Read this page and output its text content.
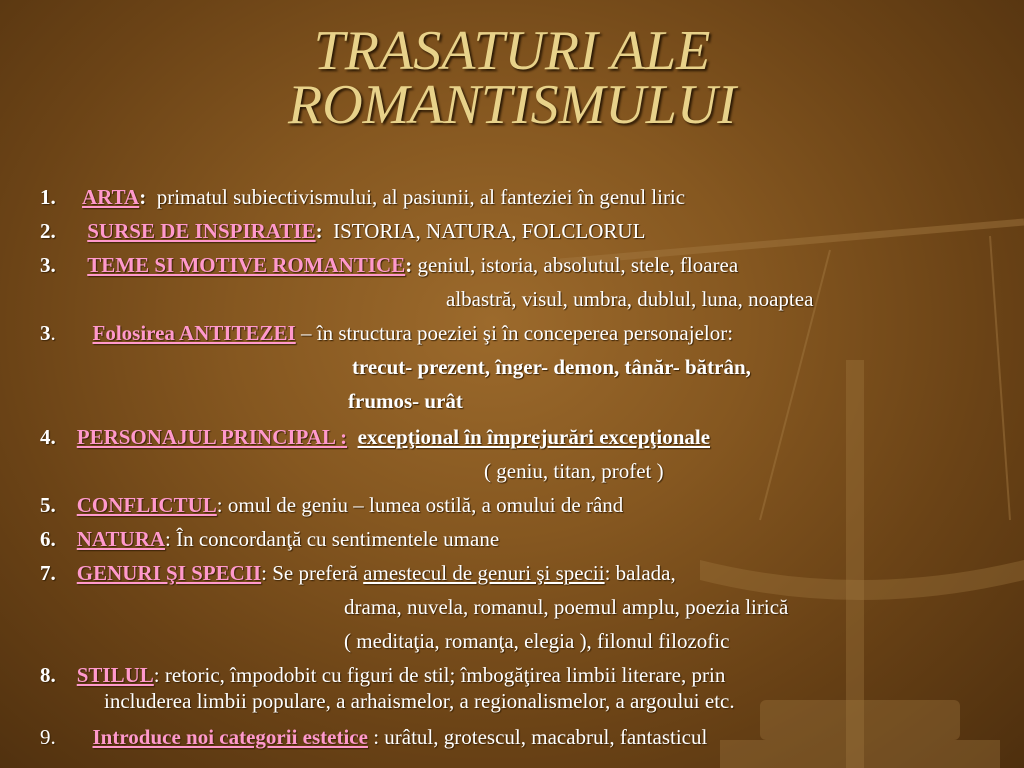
TRASATURI ALE
ROMANTISMULUI
1. ARTA: primatul subiectivismului, al pasiunii, al fanteziei în genul liric
2. SURSE DE INSPIRATIE: ISTORIA, NATURA, FOLCLORUL
3. TEME SI MOTIVE ROMANTICE: geniul, istoria, absolutul, stele, floarea
albastră, visul, umbra, dublul, luna, noaptea
3. Folosirea ANTITEZEI – în structura poeziei şi în conceperea personajelor:
trecut- prezent, înger- demon, tânăr- bătrân,
frumos- urât
4. PERSONAJUL PRINCIPAL : excepţional în împrejurări excepţionale
( geniu, titan, profet )
5. CONFLICTUL: omul de geniu – lumea ostilă, a omului de rând
6. NATURA: În concordanţă cu sentimentele umane
7. GENURI ŞI SPECII: Se preferă amestecul de genuri şi specii: balada,
drama, nuvela, romanul, poemul amplu, poezia lirică
( meditaţia, romanţa, elegia ), filonul filozofic
8. STILUL: retoric, împodobit cu figuri de stil; îmbogăţirea limbii literare, prin
includerea limbii populare, a arhaismelor, a regionalismelor, a argoului etc.
9. Introduce noi categorii estetice : urâtul, grotescul, macabrul, fantasticul
